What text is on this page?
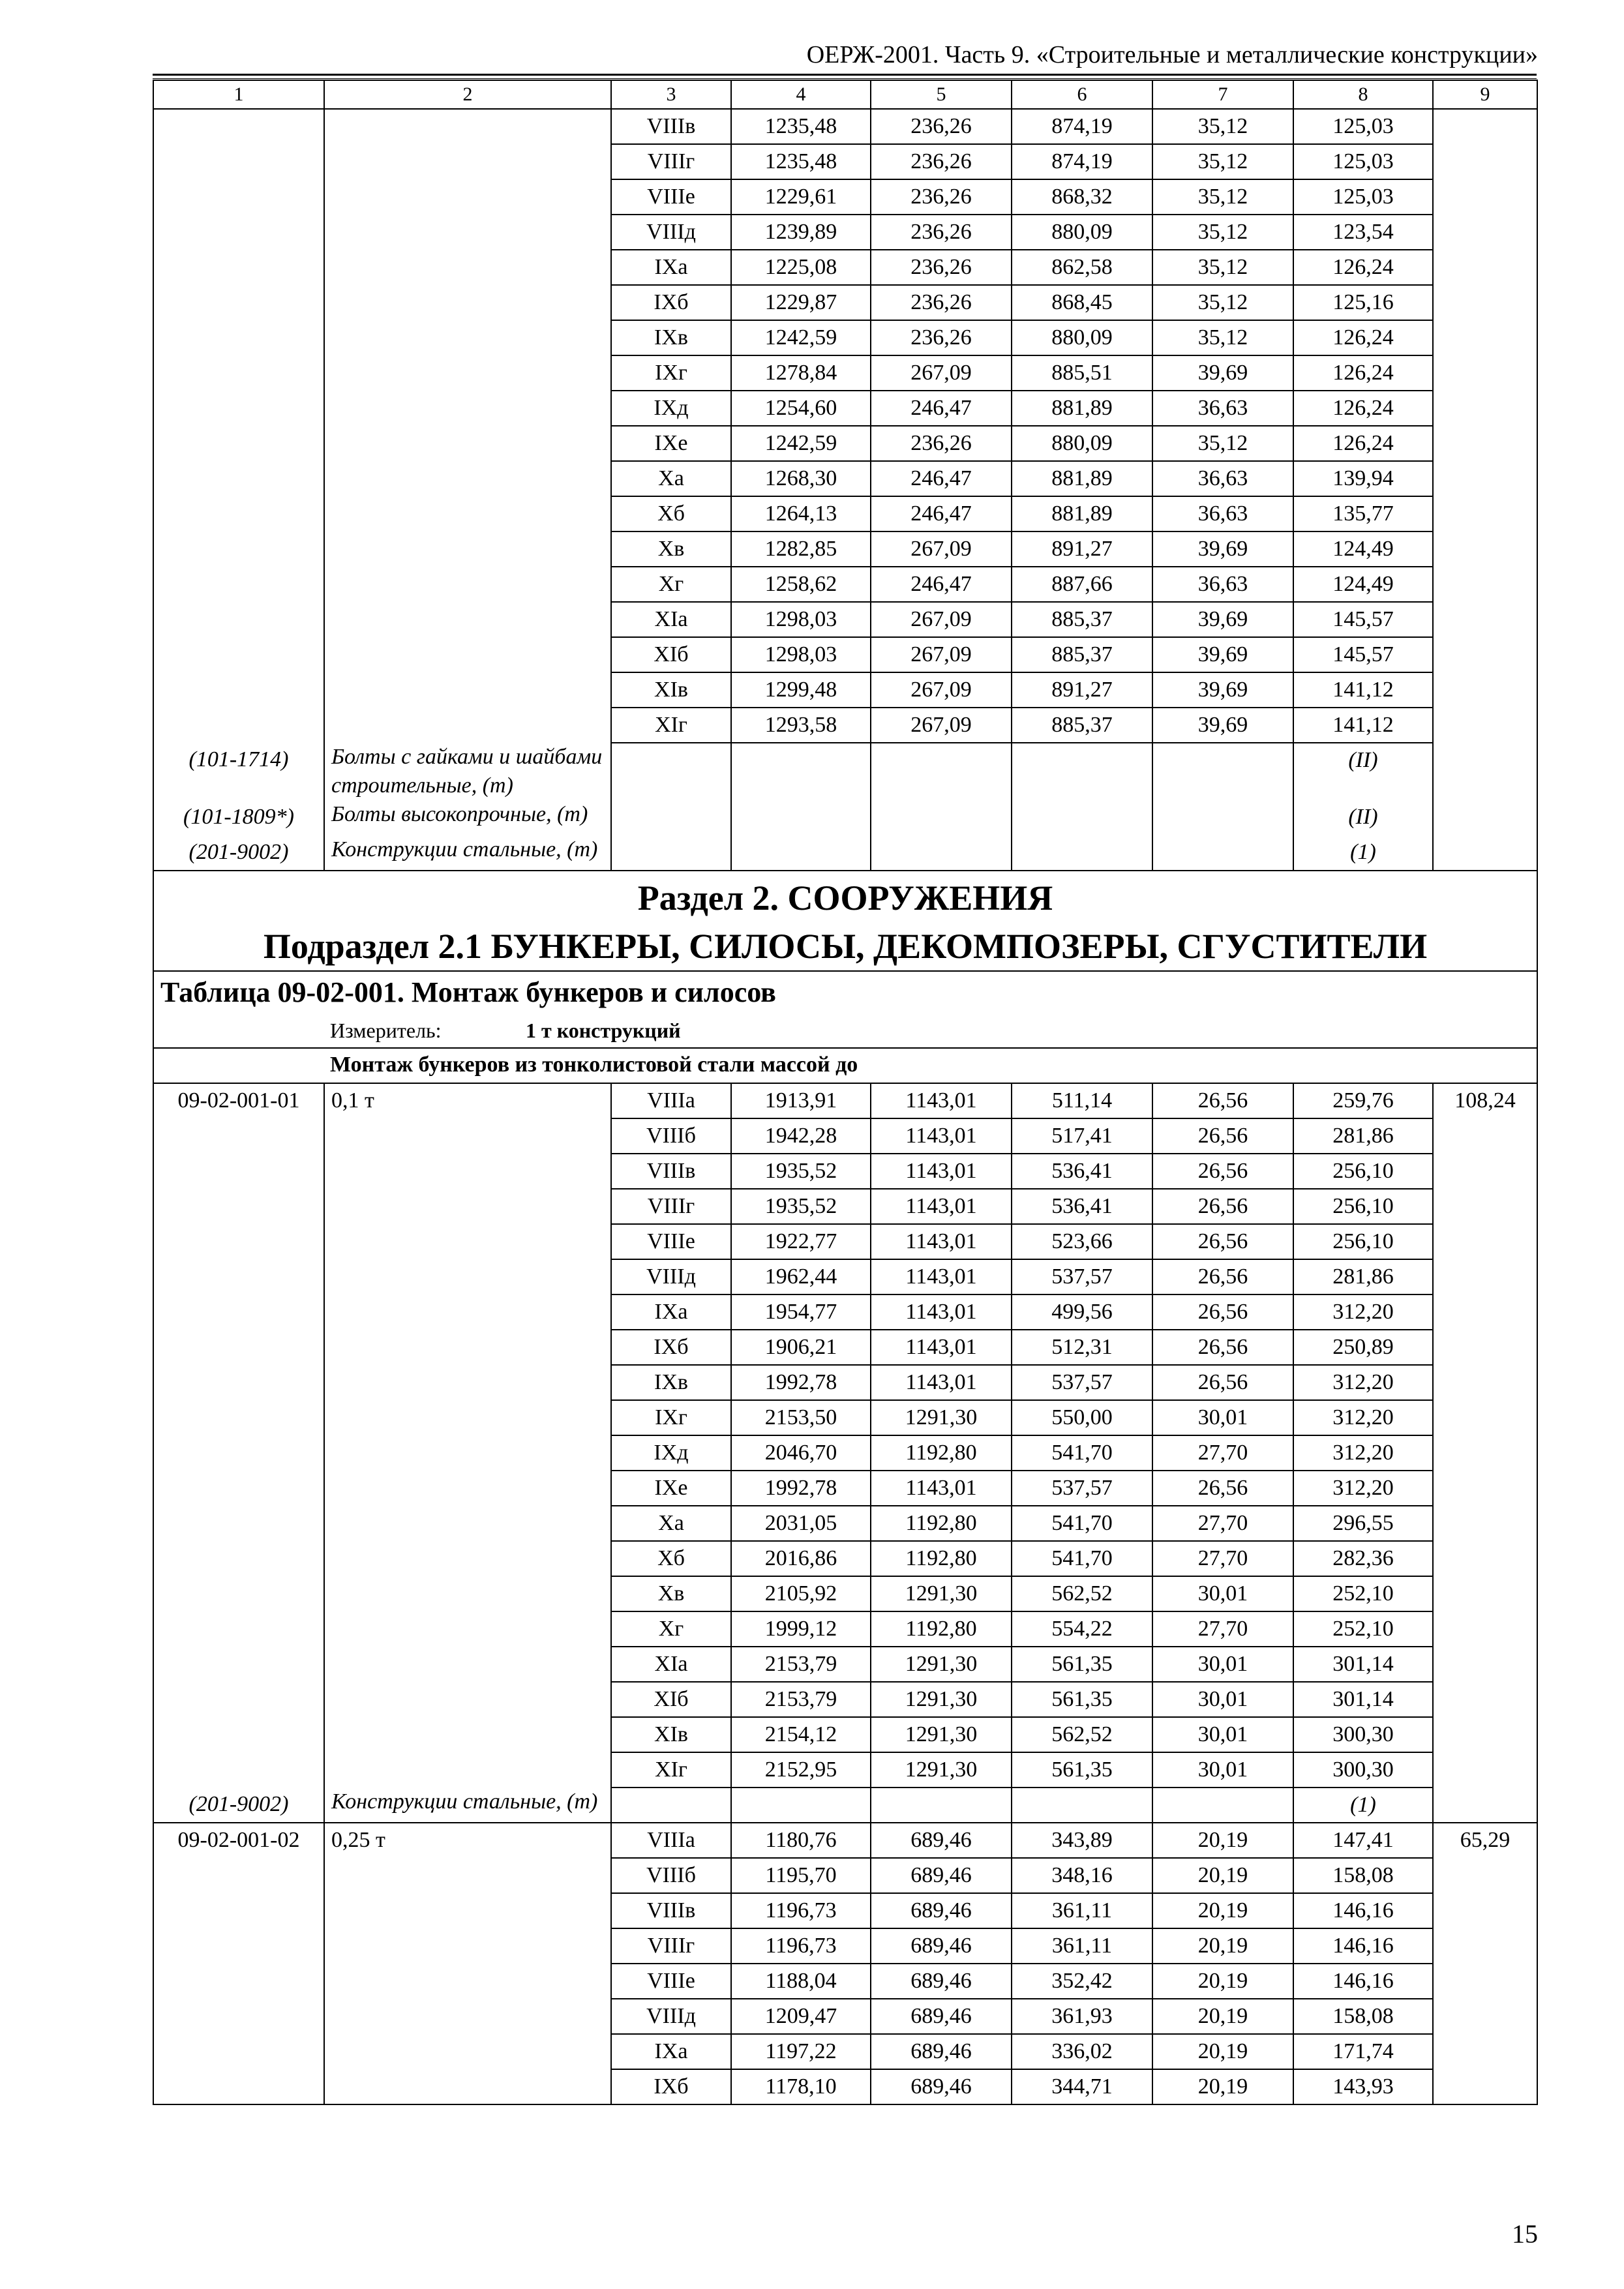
ОЕРЖ-2001. Часть 9. «Строительные и металлические конструкции»
1	2	3	4	5	6	7	8	9
		VIIIв	1235,48	236,26	874,19	35,12	125,03	
		VIIIг	1235,48	236,26	874,19	35,12	125,03	
		VIIIе	1229,61	236,26	868,32	35,12	125,03	
		VIIIд	1239,89	236,26	880,09	35,12	123,54	
		IXа	1225,08	236,26	862,58	35,12	126,24	
		IXб	1229,87	236,26	868,45	35,12	125,16	
		IXв	1242,59	236,26	880,09	35,12	126,24	
		IXг	1278,84	267,09	885,51	39,69	126,24	
		IXд	1254,60	246,47	881,89	36,63	126,24	
		IXе	1242,59	236,26	880,09	35,12	126,24	
		Xа	1268,30	246,47	881,89	36,63	139,94	
		Xб	1264,13	246,47	881,89	36,63	135,77	
		Xв	1282,85	267,09	891,27	39,69	124,49	
		Xг	1258,62	246,47	887,66	36,63	124,49	
		XIа	1298,03	267,09	885,37	39,69	145,57	
		XIб	1298,03	267,09	885,37	39,69	145,57	
		XIв	1299,48	267,09	891,27	39,69	141,12	
		XIг	1293,58	267,09	885,37	39,69	141,12	
(101-1714)	Болты с гайками и шайбами строительные, (т)						(II)	
(101-1809*)	Болты высокопрочные, (т)						(II)	
(201-9002)	Конструкции стальные, (т)						(1)	
Раздел 2. СООРУЖЕНИЯ								
Подраздел 2.1 БУНКЕРЫ, СИЛОСЫ, ДЕКОМПОЗЕРЫ, СГУСТИТЕЛИ								
Таблица 09-02-001. Монтаж бункеров и силосов								
Измеритель: 1 т конструкций								
Монтаж бункеров из тонколистовой стали массой до								
09-02-001-01	0,1 т	VIIIа	1913,91	1143,01	511,14	26,56	259,76	108,24
		VIIIб	1942,28	1143,01	517,41	26,56	281,86	
		VIIIв	1935,52	1143,01	536,41	26,56	256,10	
		VIIIг	1935,52	1143,01	536,41	26,56	256,10	
		VIIIе	1922,77	1143,01	523,66	26,56	256,10	
		VIIIд	1962,44	1143,01	537,57	26,56	281,86	
		IXа	1954,77	1143,01	499,56	26,56	312,20	
		IXб	1906,21	1143,01	512,31	26,56	250,89	
		IXв	1992,78	1143,01	537,57	26,56	312,20	
		IXг	2153,50	1291,30	550,00	30,01	312,20	
		IXд	2046,70	1192,80	541,70	27,70	312,20	
		IXе	1992,78	1143,01	537,57	26,56	312,20	
		Xа	2031,05	1192,80	541,70	27,70	296,55	
		Xб	2016,86	1192,80	541,70	27,70	282,36	
		Xв	2105,92	1291,30	562,52	30,01	252,10	
		Xг	1999,12	1192,80	554,22	27,70	252,10	
		XIа	2153,79	1291,30	561,35	30,01	301,14	
		XIб	2153,79	1291,30	561,35	30,01	301,14	
		XIв	2154,12	1291,30	562,52	30,01	300,30	
		XIг	2152,95	1291,30	561,35	30,01	300,30	
(201-9002)	Конструкции стальные, (т)						(1)	
09-02-001-02	0,25 т	VIIIа	1180,76	689,46	343,89	20,19	147,41	65,29
		VIIIб	1195,70	689,46	348,16	20,19	158,08	
		VIIIв	1196,73	689,46	361,11	20,19	146,16	
		VIIIг	1196,73	689,46	361,11	20,19	146,16	
		VIIIе	1188,04	689,46	352,42	20,19	146,16	
		VIIIд	1209,47	689,46	361,93	20,19	158,08	
		IXа	1197,22	689,46	336,02	20,19	171,74	
		IXб	1178,10	689,46	344,71	20,19	143,93	
15
